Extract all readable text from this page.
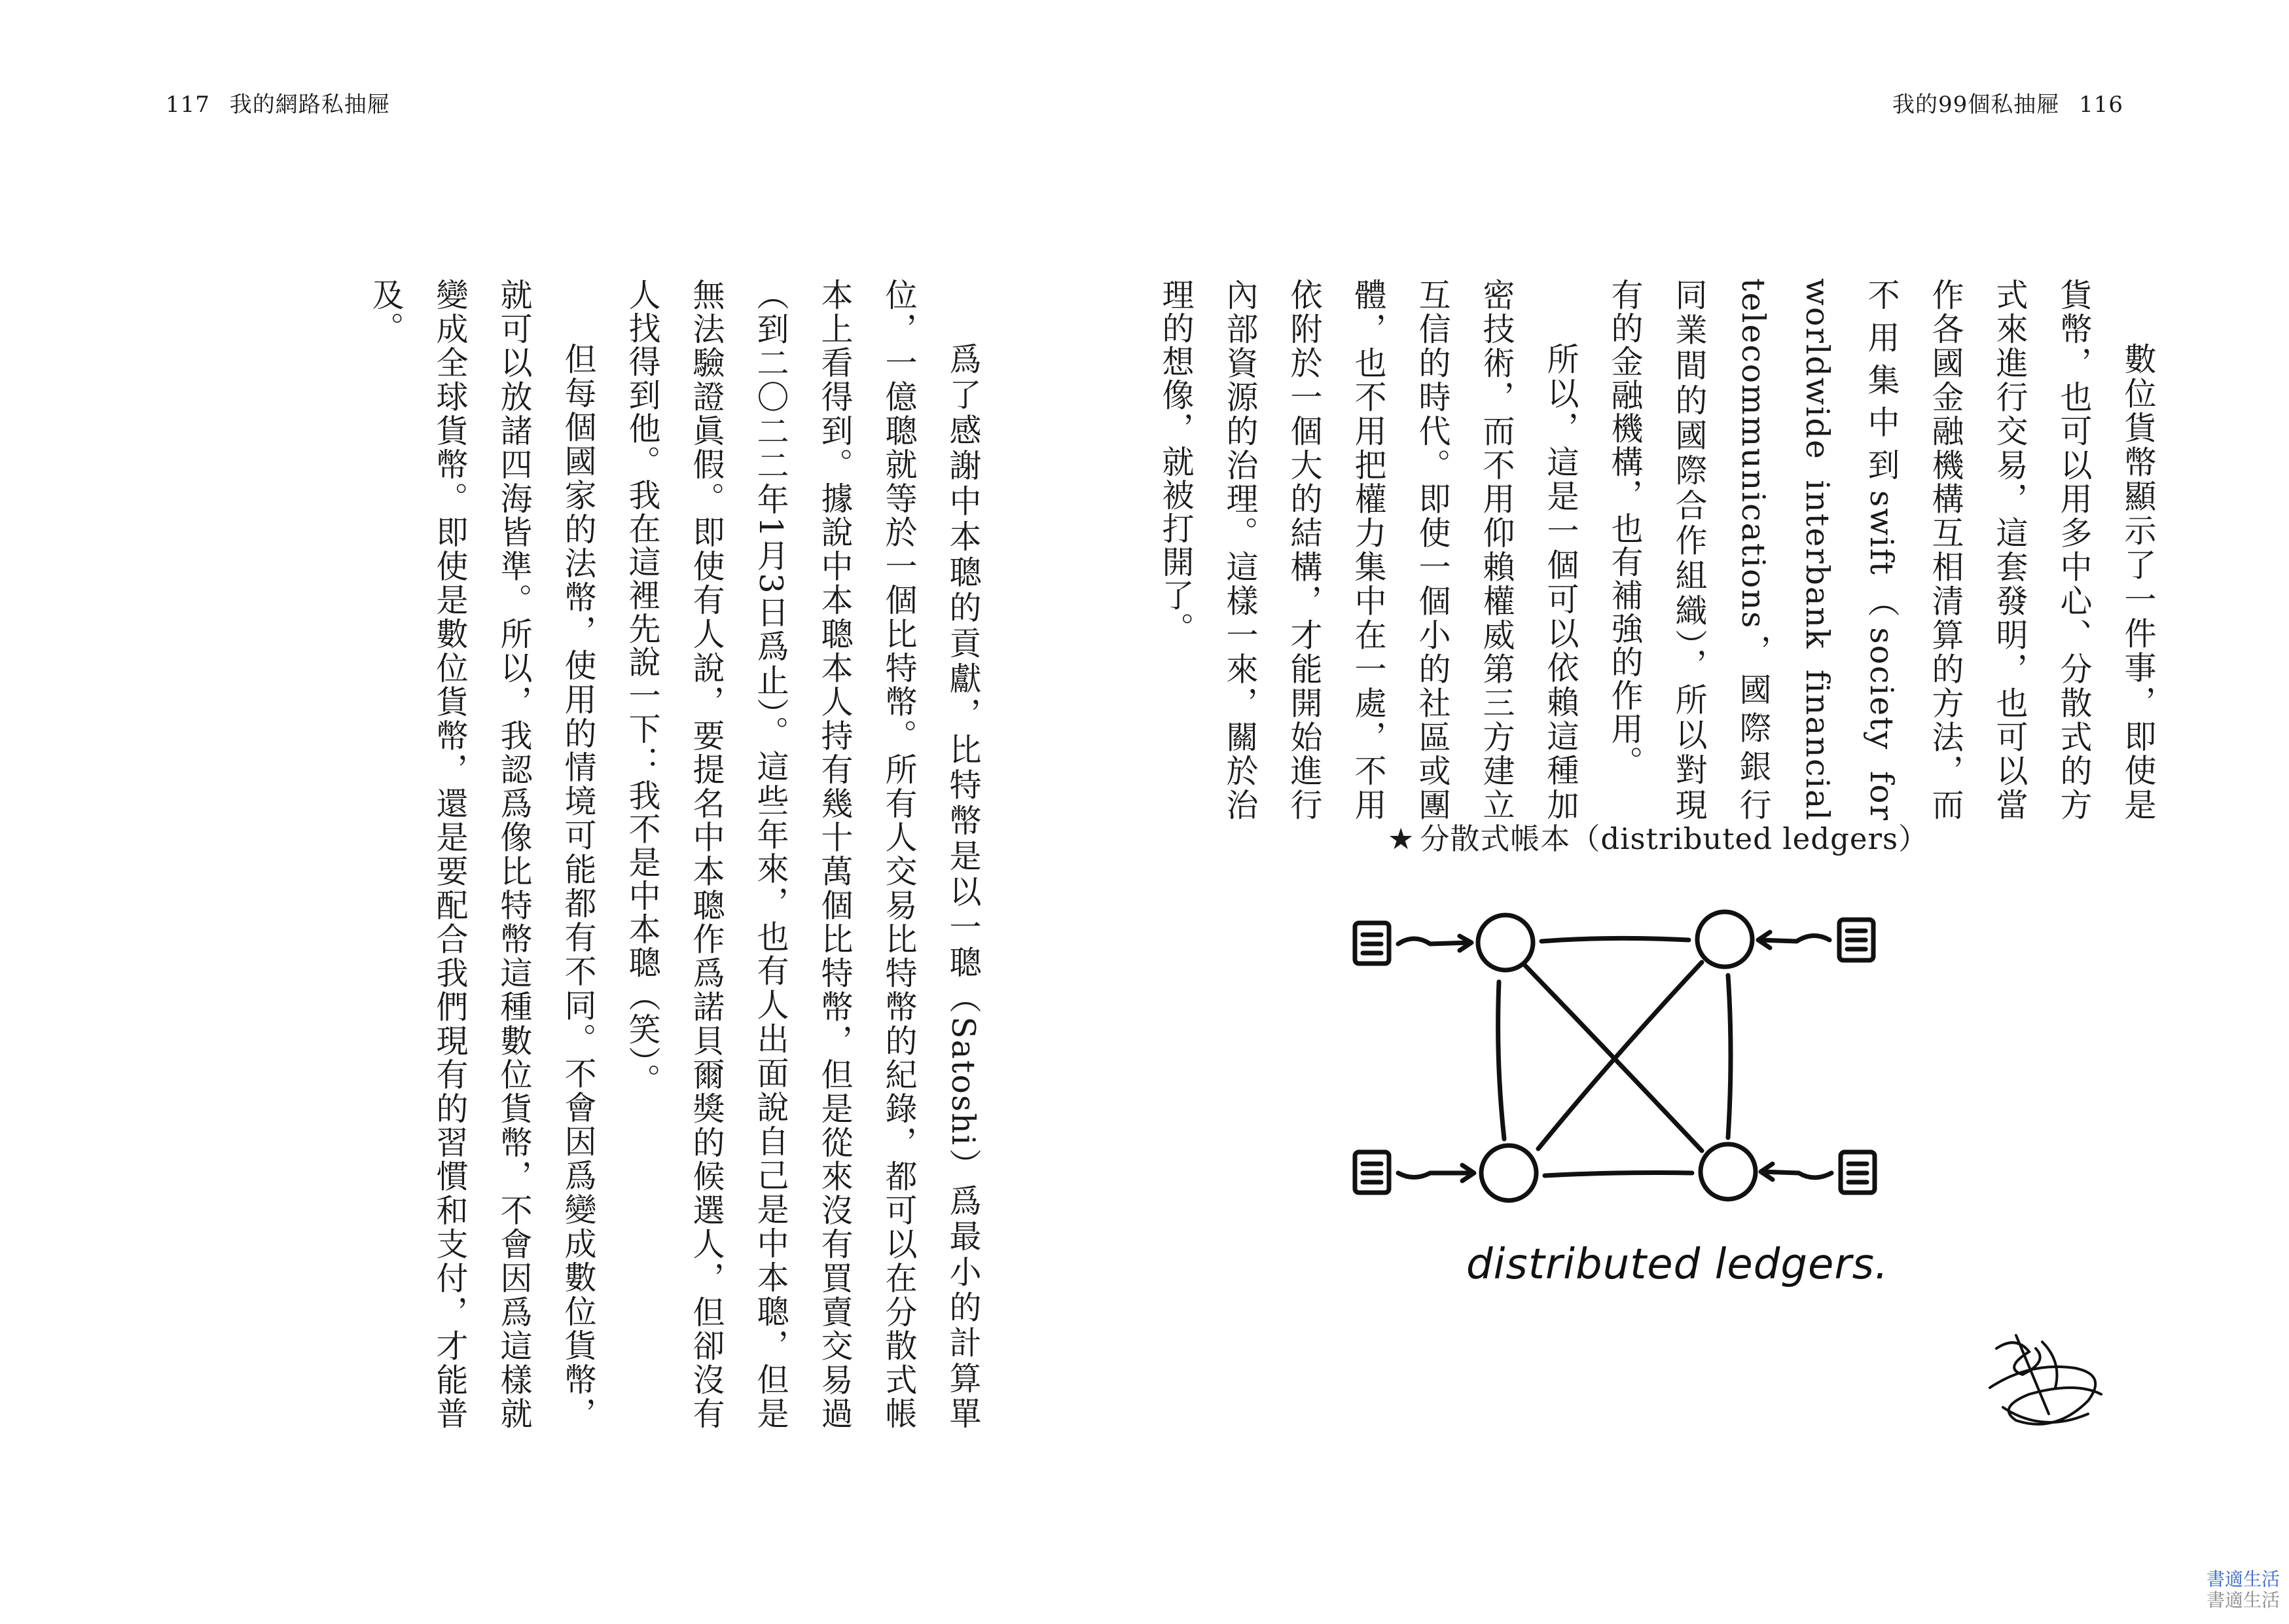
117 我的網路私抽屜	我的99個私抽屜 116

數位貨幣顯示了一件事，即使是貨幣，也可以用多中心、分散式的方式來進行交易，這套發明，也可以當作各國金融機構互相清算的方法，而不用集中到swift（society for worldwide interbank financial telecommunications，國際銀行同業間的國際合作組織），所以對現有的金融機構，也有補強的作用。

所以，這是一個可以依賴這種加密技術，而不用仰賴權威第三方建立互信的時代。即使一個小的社區或團體，也不用把權力集中在一處，不用依附於一個大的結構，才能開始進行內部資源的治理。這樣一來，關於治理的想像，就被打開了。

★ 分散式帳本（distributed ledgers）
distributed ledgers.

爲了感謝中本聰的貢獻，比特幣是以一聰（Satoshi）爲最小的計算單位，一億聰就等於一個比特幣。所有人交易比特幣的紀錄，都可以在分散式帳本上看得到。據說中本聰本人持有幾十萬個比特幣，但是從來沒有買賣交易過（到二〇二二年1月3日爲止）。這些年來，也有人出面說自己是中本聰，但是無法驗證眞假。即使有人說，要提名中本聰作爲諾貝爾獎的候選人，但卻沒有人找得到他。我在這裡先說一下：我不是中本聰（笑）。

但每個國家的法幣，使用的情境可能都有不同。不會因爲變成數位貨幣，就可以放諸四海皆準。所以，我認爲像比特幣這種數位貨幣，不會因爲這樣就變成全球貨幣。即使是數位貨幣，還是要配合我們現有的習慣和支付，才能普及。

書適生活
書適生活
